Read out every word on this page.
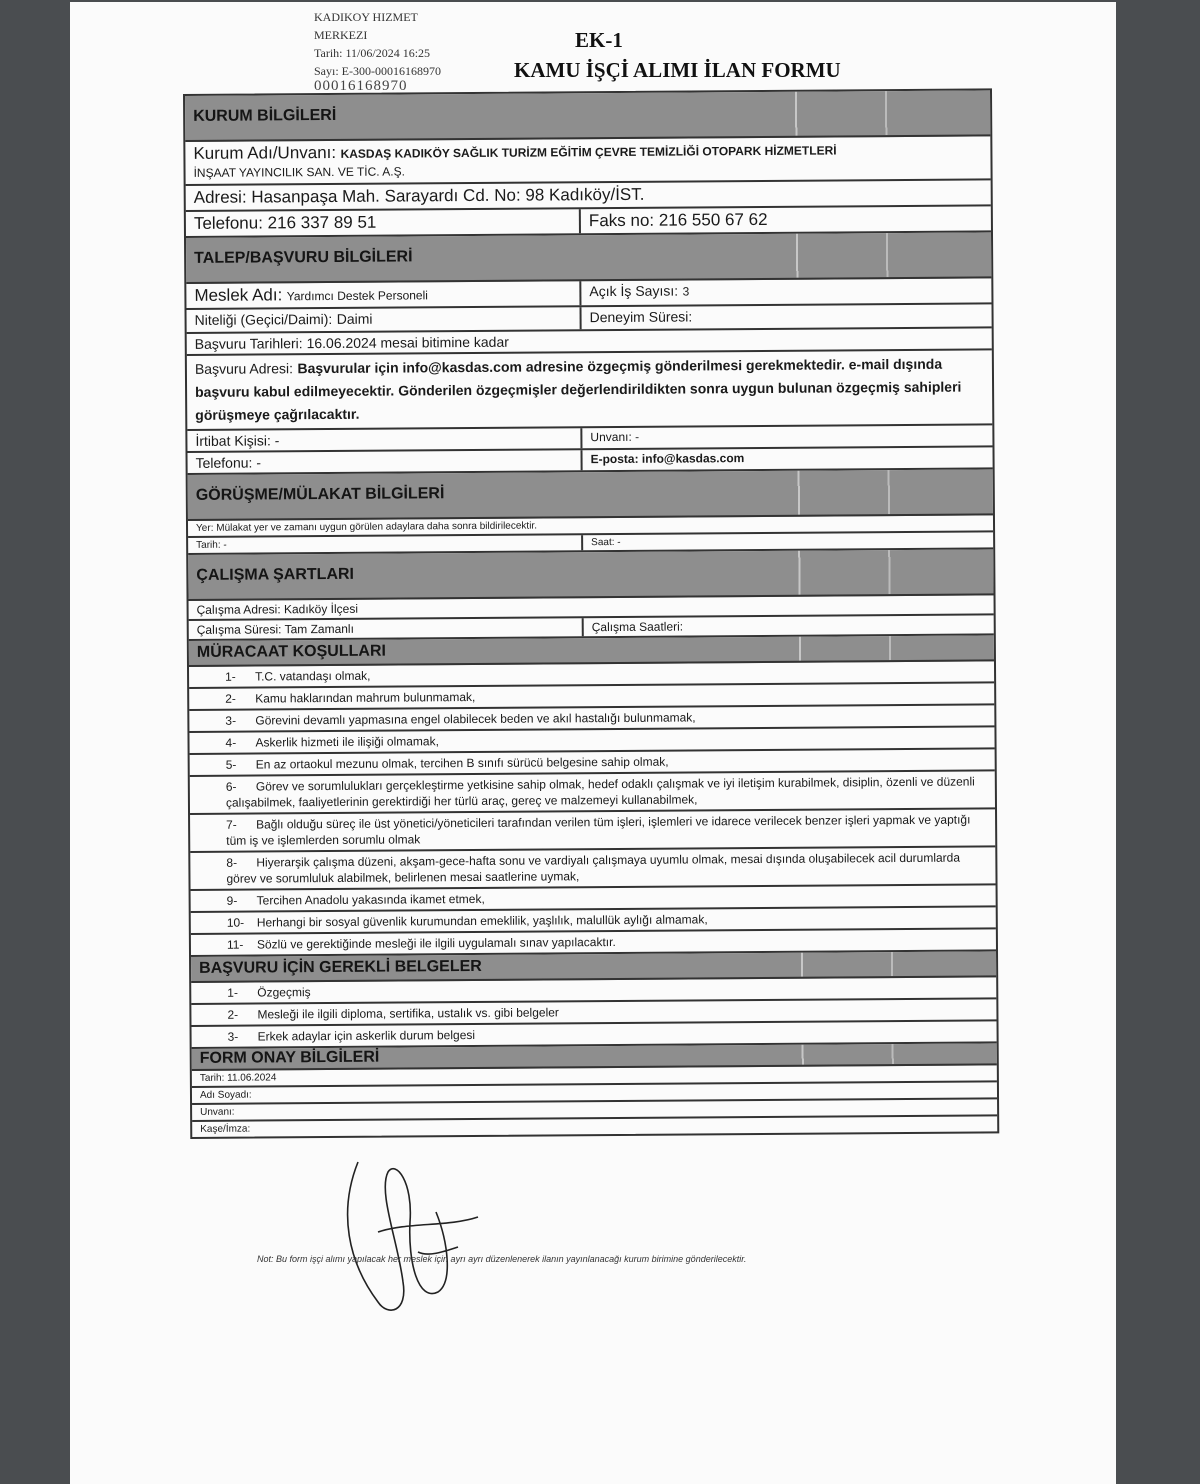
KADIKOY HIZMET
MERKEZI
Tarih: 11/06/2024 16:25
Sayı: E-300-00016168970
00016168970
EK-1
KAMU İŞÇİ ALIMI İLAN FORMU
KURUM BİLGİLERİ
Kurum Adı/Unvanı: KASDAŞ KADIKÖY SAĞLIK TURİZM EĞİTİM ÇEVRE TEMİZLİĞİ OTOPARK HİZMETLERİ
İNŞAAT YAYINCILIK SAN. VE TİC. A.Ş.
Adresi: Hasanpaşa Mah. Sarayardı Cd. No: 98 Kadıköy/İST.
Telefonu: 216 337 89 51	Faks no: 216 550 67 62
TALEP/BAŞVURU BİLGİLERİ
Meslek Adı: Yardımcı Destek Personeli	Açık İş Sayısı: 3
Niteliği (Geçici/Daimi): Daimi	Deneyim Süresi:
Başvuru Tarihleri: 16.06.2024 mesai bitimine kadar
Başvuru Adresi: Başvurular için info@kasdas.com adresine özgeçmiş gönderilmesi gerekmektedir. e-mail dışında başvuru kabul edilmeyecektir. Gönderilen özgeçmişler değerlendirildikten sonra uygun bulunan özgeçmiş sahipleri görüşmeye çağrılacaktır.
İrtibat Kişisi: -	Unvanı: -
Telefonu: -	E-posta: info@kasdas.com
GÖRÜŞME/MÜLAKAT BİLGİLERİ
Yer: Mülakat yer ve zamanı uygun görülen adaylara daha sonra bildirilecektir.
Tarih: -	Saat: -
ÇALIŞMA ŞARTLARI
Çalışma Adresi: Kadıköy İlçesi
Çalışma Süresi: Tam Zamanlı	Çalışma Saatleri:
MÜRACAAT KOŞULLARI
1- T.C. vatandaşı olmak,
2- Kamu haklarından mahrum bulunmamak,
3- Görevini devamlı yapmasına engel olabilecek beden ve akıl hastalığı bulunmamak,
4- Askerlik hizmeti ile ilişiği olmamak,
5- En az ortaokul mezunu olmak, tercihen B sınıfı sürücü belgesine sahip olmak,
6- Görev ve sorumlulukları gerçekleştirme yetkisine sahip olmak, hedef odaklı çalışmak ve iyi iletişim kurabilmek, disiplin, özenli ve düzenli çalışabilmek, faaliyetlerinin gerektirdiği her türlü araç, gereç ve malzemeyi kullanabilmek,
7- Bağlı olduğu süreç ile üst yönetici/yöneticileri tarafından verilen tüm işleri, işlemleri ve idarece verilecek benzer işleri yapmak ve yaptığı tüm iş ve işlemlerden sorumlu olmak
8- Hiyerarşik çalışma düzeni, akşam-gece-hafta sonu ve vardiyalı çalışmaya uyumlu olmak, mesai dışında oluşabilecek acil durumlarda görev ve sorumluluk alabilmek, belirlenen mesai saatlerine uymak,
9- Tercihen Anadolu yakasında ikamet etmek,
10- Herhangi bir sosyal güvenlik kurumundan emeklilik, yaşlılık, malullük aylığı almamak,
11- Sözlü ve gerektiğinde mesleği ile ilgili uygulamalı sınav yapılacaktır.
BAŞVURU İÇİN GEREKLİ BELGELER
1- Özgeçmiş
2- Mesleği ile ilgili diploma, sertifika, ustalık vs. gibi belgeler
3- Erkek adaylar için askerlik durum belgesi
FORM ONAY BİLGİLERİ
Tarih: 11.06.2024
Adı Soyadı:
Unvanı:
Kaşe/İmza:
Not: Bu form işçi alımı yapılacak her meslek için ayrı ayrı düzenlenerek ilanın yayınlanacağı kurum birimine gönderilecektir.
